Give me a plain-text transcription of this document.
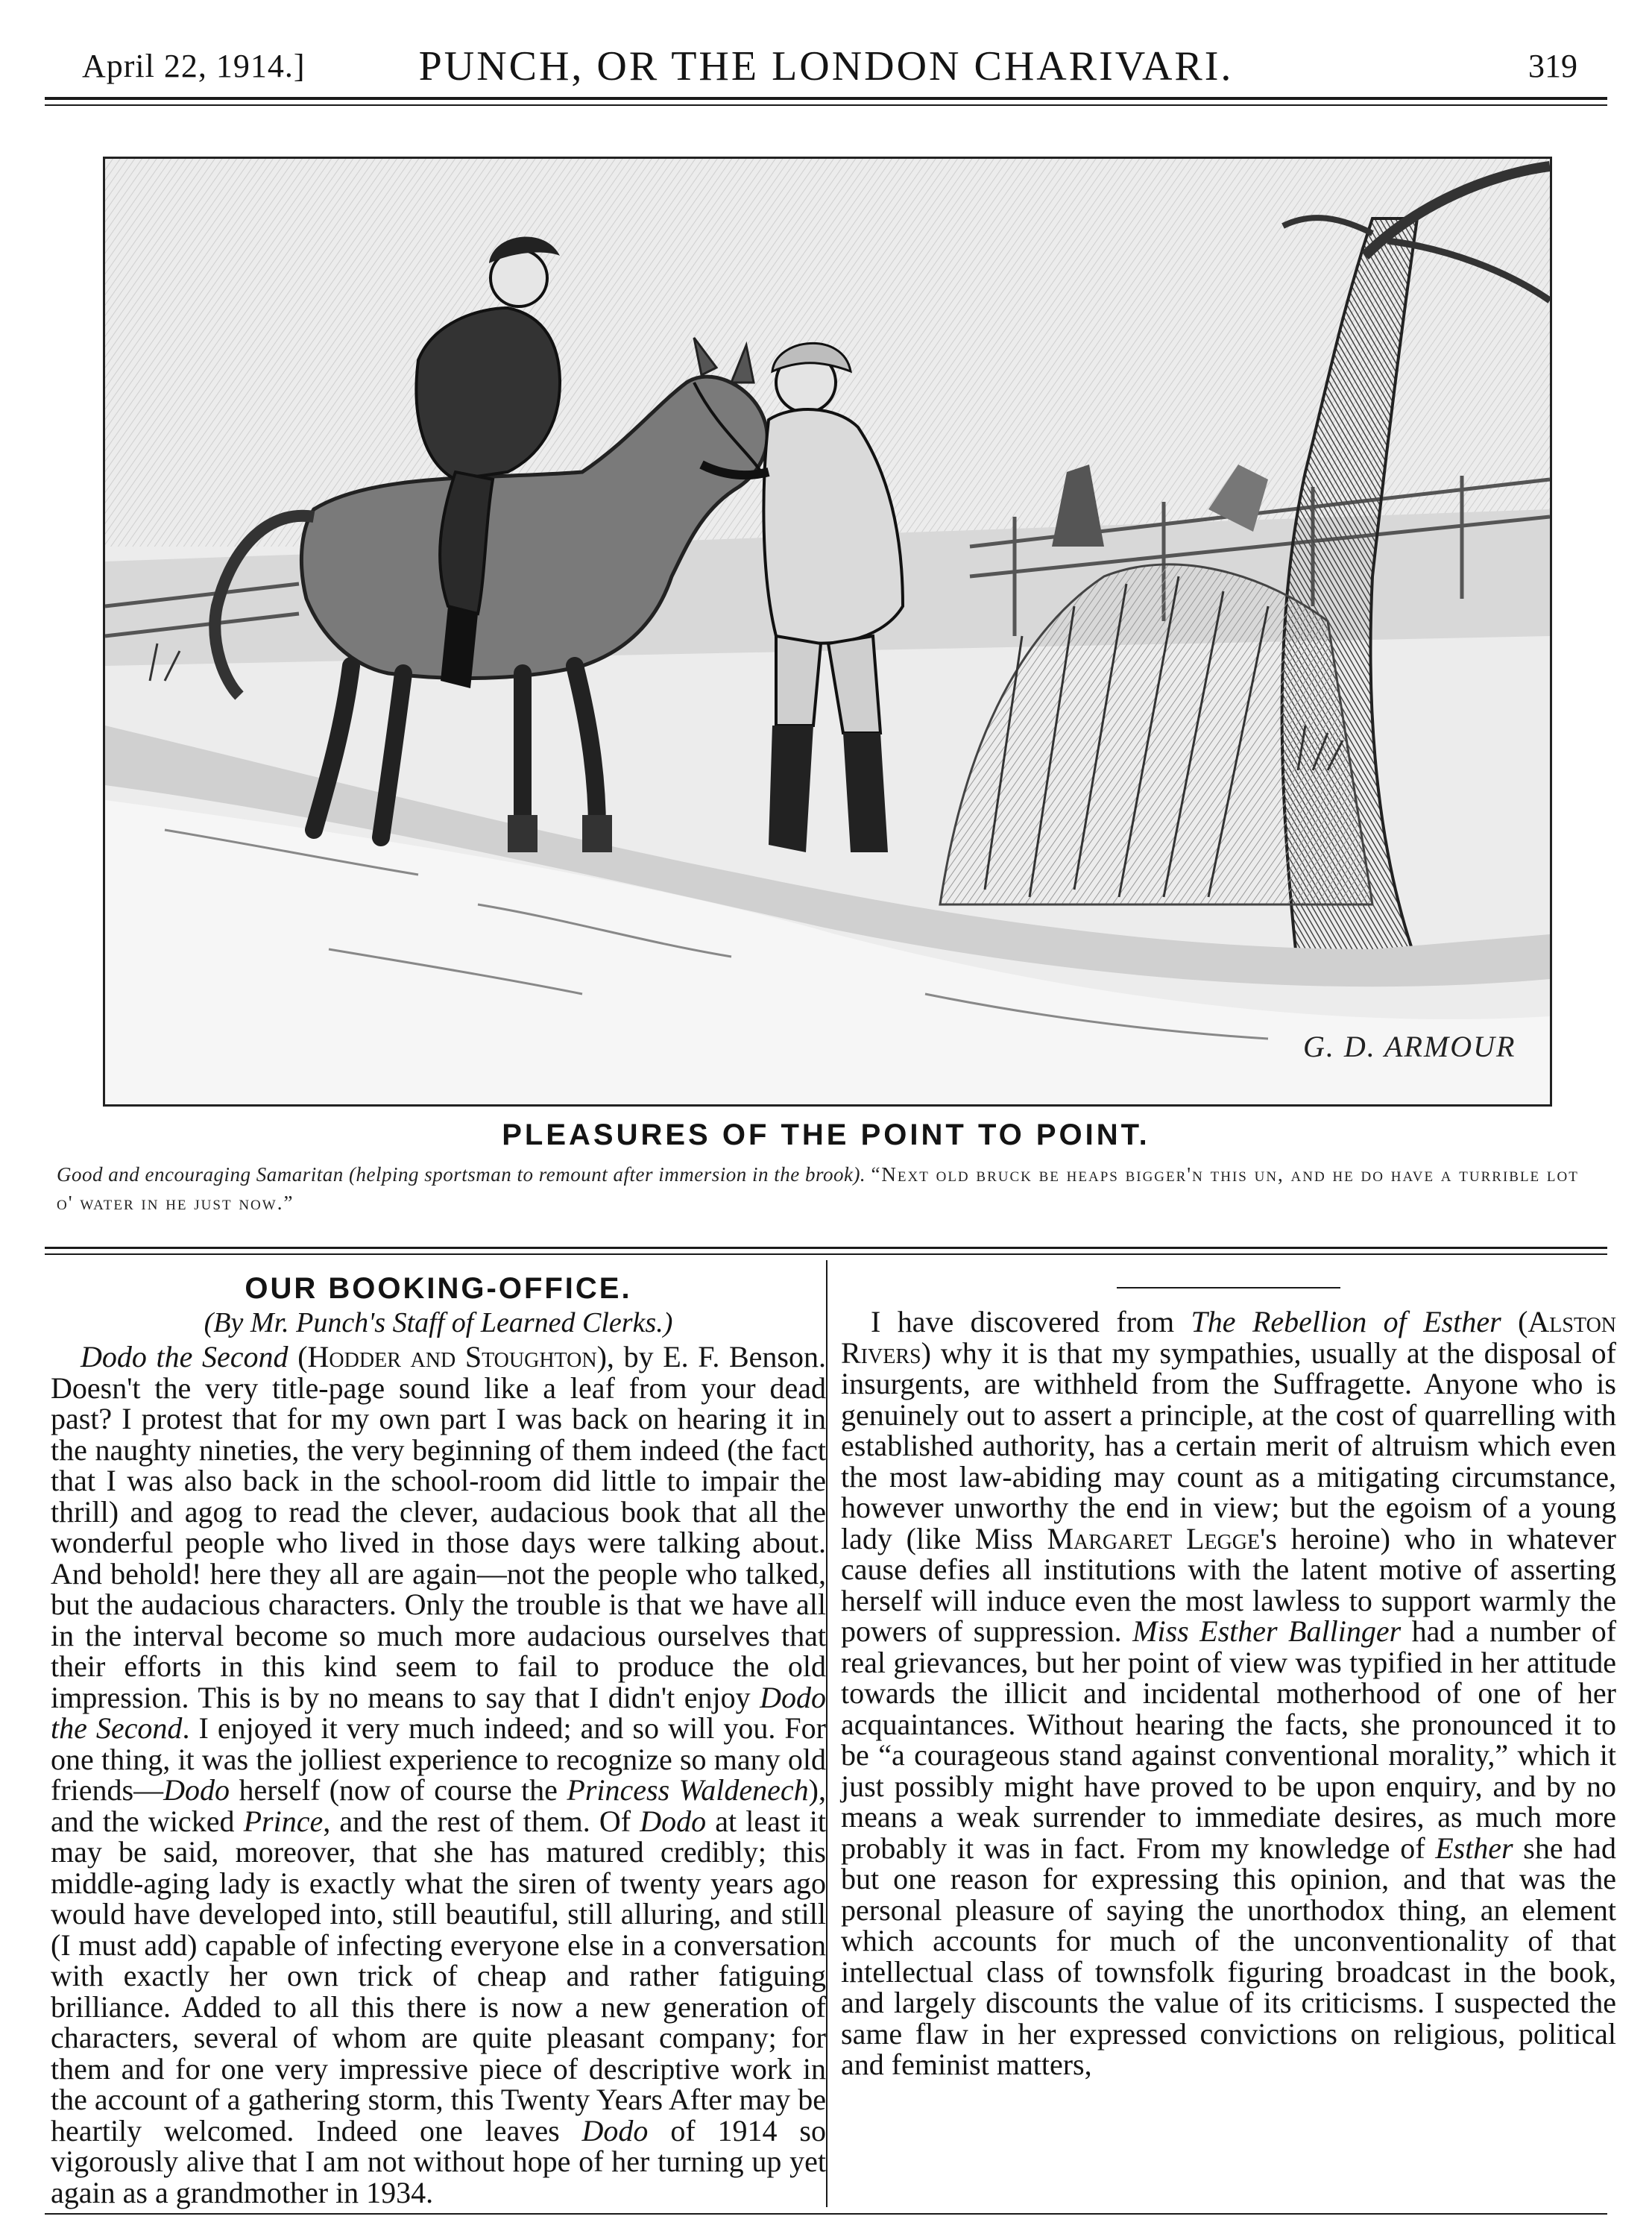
April 22, 1914.]	PUNCH, OR THE LONDON CHARIVARI.	319
G. D. ARMOUR
PLEASURES OF THE POINT TO POINT.
Good and encouraging Samaritan (helping sportsman to remount after immersion in the brook). “Next old bruck be heaps bigger'n this un, and he do have a turrible lot o' water in he just now.”
OUR BOOKING-OFFICE.
(By Mr. Punch's Staff of Learned Clerks.)

Dodo the Second (Hodder and Stoughton), by E. F. Benson. Doesn't the very title-page sound like a leaf from your dead past? I protest that for my own part I was back on hearing it in the naughty nineties, the very beginning of them indeed (the fact that I was also back in the school-room did little to impair the thrill) and agog to read the clever, audacious book that all the wonderful people who lived in those days were talking about. And behold! here they all are again—not the people who talked, but the audacious characters. Only the trouble is that we have all in the interval become so much more audacious ourselves that their efforts in this kind seem to fail to produce the old impression. This is by no means to say that I didn't enjoy Dodo the Second. I enjoyed it very much indeed; and so will you. For one thing, it was the jolliest experience to recognize so many old friends—Dodo herself (now of course the Princess Waldenech), and the wicked Prince, and the rest of them. Of Dodo at least it may be said, moreover, that she has matured credibly; this middle-aging lady is exactly what the siren of twenty years ago would have developed into, still beautiful, still alluring, and still (I must add) capable of infecting everyone else in a conversation with exactly her own trick of cheap and rather fatiguing brilliance. Added to all this there is now a new generation of characters, several of whom are quite pleasant company; for them and for one very impressive piece of descriptive work in the account of a gathering storm, this Twenty Years After may be heartily welcomed. Indeed one leaves Dodo of 1914 so vigorously alive that I am not without hope of her turning up yet again as a grandmother in 1934.

I have discovered from The Rebellion of Esther (Alston Rivers) why it is that my sympathies, usually at the disposal of insurgents, are withheld from the Suffragette. Anyone who is genuinely out to assert a principle, at the cost of quarrelling with established authority, has a certain merit of altruism which even the most law-abiding may count as a mitigating circumstance, however unworthy the end in view; but the egoism of a young lady (like Miss Margaret Legge's heroine) who in whatever cause defies all institutions with the latent motive of asserting herself will induce even the most lawless to support warmly the powers of suppression. Miss Esther Ballinger had a number of real grievances, but her point of view was typified in her attitude towards the illicit and incidental motherhood of one of her acquaintances. Without hearing the facts, she pronounced it to be “a courageous stand against conventional morality,” which it just possibly might have proved to be upon enquiry, and by no means a weak surrender to immediate desires, as much more probably it was in fact. From my knowledge of Esther she had but one reason for expressing this opinion, and that was the personal pleasure of saying the unorthodox thing, an element which accounts for much of the unconventionality of that intellectual class of townsfolk figuring broadcast in the book, and largely discounts the value of its criticisms. I suspected the same flaw in her expressed convictions on religious, political and feminist matters,
